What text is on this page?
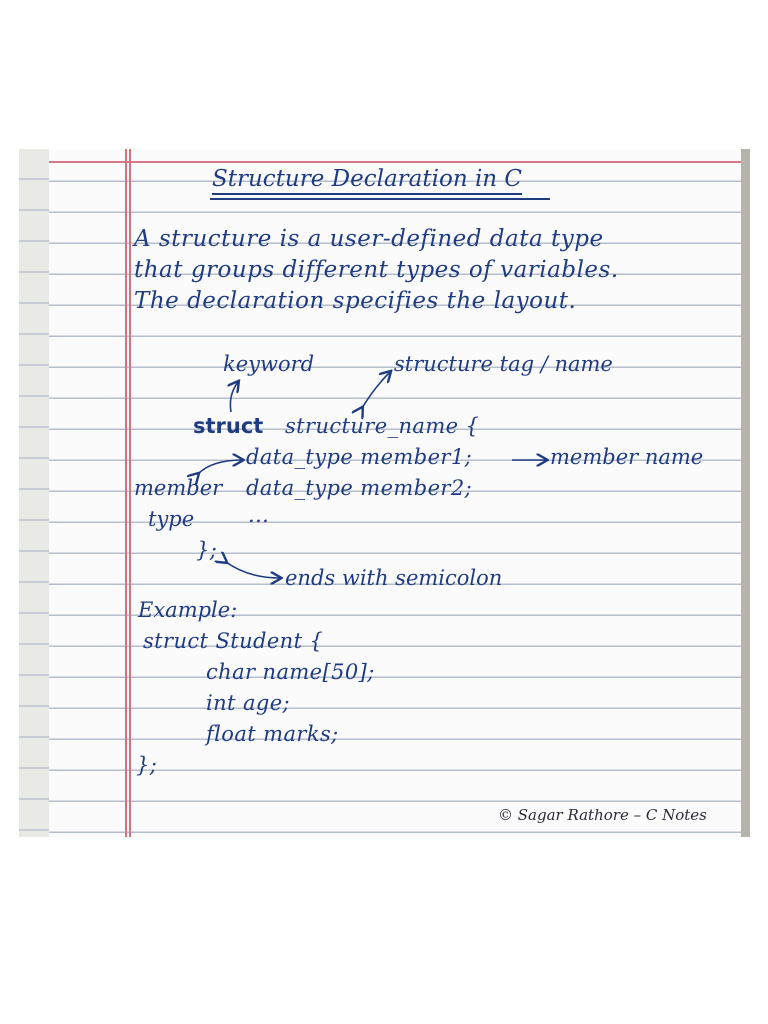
Structure Declaration in C
A structure is a user-defined data type
that groups different types of variables.
The declaration specifies the layout.
keyword	structure tag / name
struct structure_name {
data_type member1;	member name
member data_type member2;
type	...
};
ends with semicolon
Example:
struct Student {
char name[50];
int age;
float marks;
};
© Sagar Rathore – C Notes
